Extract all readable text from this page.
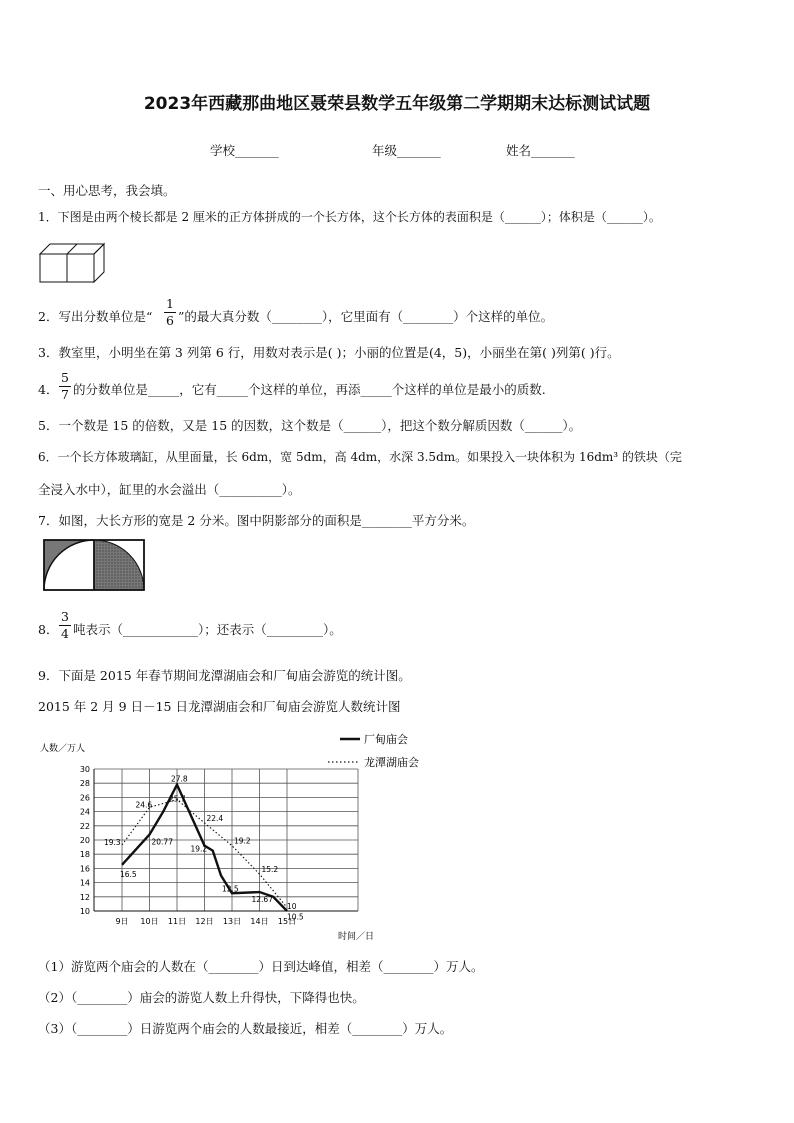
2023年西藏那曲地区聂荣县数学五年级第二学期期末达标测试试题
学校_______	年级_______	姓名_______
一、用心思考，我会填。
1．下图是由两个棱长都是 2 厘米的正方体拼成的一个长方体，这个长方体的表面积是（______）；体积是（______）。
2．写出分数单位是“
1
6 ”的最大真分数（________），它里面有（________）个这样的单位。
3．教室里，小明坐在第 3 列第 6 行，用数对表示是( )；小丽的位置是(4，5)，小丽坐在第( )列第( )行。
4．
5
7 的分数单位是_____，它有_____个这样的单位，再添_____个这样的单位是最小的质数.
5．一个数是 15 的倍数，又是 15 的因数，这个数是（______），把这个数分解质因数（______）。
6．一个长方体玻璃缸，从里面量，长 6dm，宽 5dm，高 4dm，水深 3.5dm。如果投入一块体积为 16dm³ 的铁块（完
全浸入水中），缸里的水会溢出（__________）。
7．如图，大长方形的宽是 2 分米。图中阴影部分的面积是________平方分米。
8．
3
4 吨表示（____________）；还表示（_________）。
9．下面是 2015 年春节期间龙潭湖庙会和厂甸庙会游览的统计图。
2015 年 2 月 9 日－15 日龙潭湖庙会和厂甸庙会游览人数统计图
人数／万人
时间／日
10
12
14
16
18
20
22
24
26
28
30
9日 10日 11日 12日 13日 14日 15日
16.5
20.77
19.2
12.5
12.67
10
19.3
24.6
25.7
22.4
19.2
15.2
10.5
27.8
厂甸庙会
龙潭湖庙会
（1）游览两个庙会的人数在（________）日到达峰值，相差（________）万人。
（2）（________）庙会的游览人数上升得快，下降得也快。
（3）（________）日游览两个庙会的人数最接近，相差（________）万人。
